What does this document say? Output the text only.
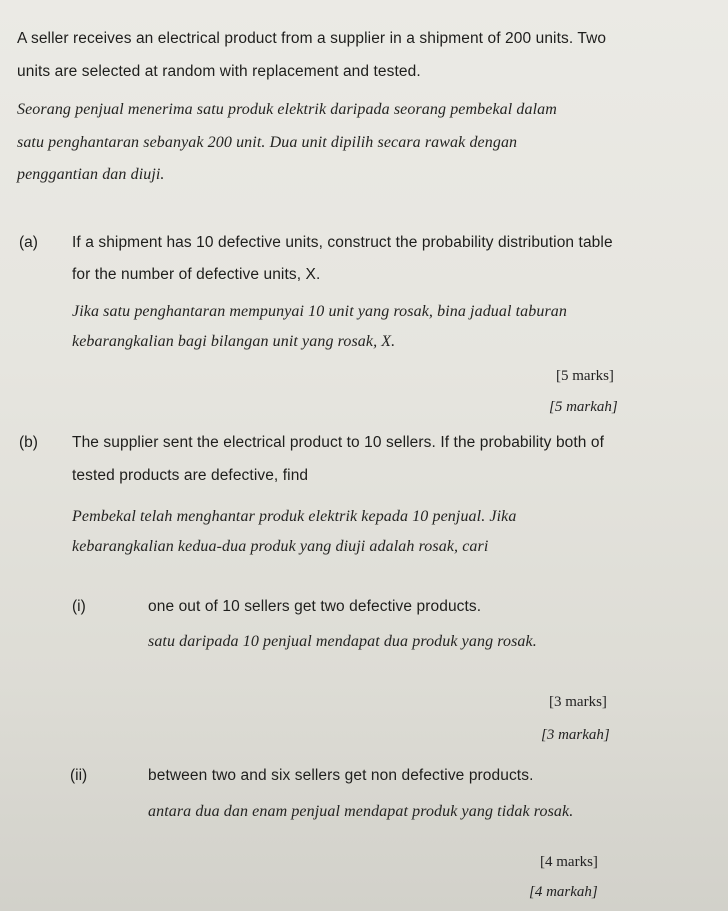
A seller receives an electrical product from a supplier in a shipment of 200 units. Two
units are selected at random with replacement and tested.
Seorang penjual menerima satu produk elektrik daripada seorang pembekal dalam
satu penghantaran sebanyak 200 unit. Dua unit dipilih secara rawak dengan
penggantian dan diuji.
(a) If a shipment has 10 defective units, construct the probability distribution table
for the number of defective units, X.
Jika satu penghantaran mempunyai 10 unit yang rosak, bina jadual taburan
kebarangkalian bagi bilangan unit yang rosak, X.
[5 marks]
[5 markah]
(b) The supplier sent the electrical product to 10 sellers. If the probability both of
tested products are defective, find
Pembekal telah menghantar produk elektrik kepada 10 penjual. Jika
kebarangkalian kedua-dua produk yang diuji adalah rosak, cari
(i)	one out of 10 sellers get two defective products.
satu daripada 10 penjual mendapat dua produk yang rosak.
[3 marks]
[3 markah]
(ii)	between two and six sellers get non defective products.
antara dua dan enam penjual mendapat produk yang tidak rosak.
[4 marks]
[4 markah]
